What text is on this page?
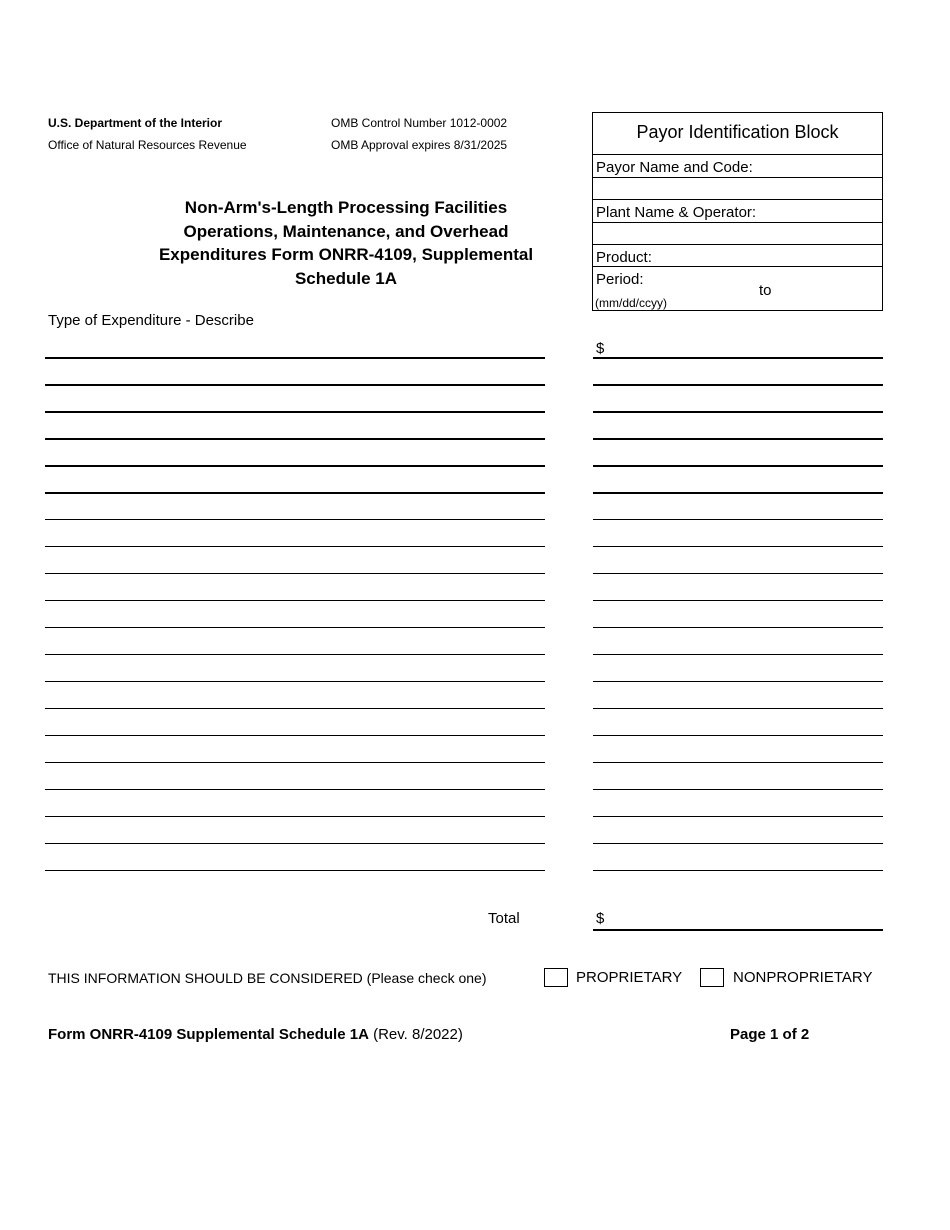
U.S. Department of the Interior
Office of Natural Resources Revenue
OMB Control Number 1012-0002
OMB Approval expires 8/31/2025
Non-Arm's-Length Processing Facilities
Operations, Maintenance, and Overhead
Expenditures Form ONRR-4109, Supplemental
Schedule 1A
Payor Identification Block
Payor Name and Code:
Plant Name & Operator:
Product:
Period:
(mm/dd/ccyy)
to
Type of Expenditure - Describe
$
Total	$
THIS INFORMATION SHOULD BE CONSIDERED (Please check one)	PROPRIETARY	NONPROPRIETARY
Form ONRR-4109 Supplemental Schedule 1A (Rev. 8/2022)	Page 1 of 2
